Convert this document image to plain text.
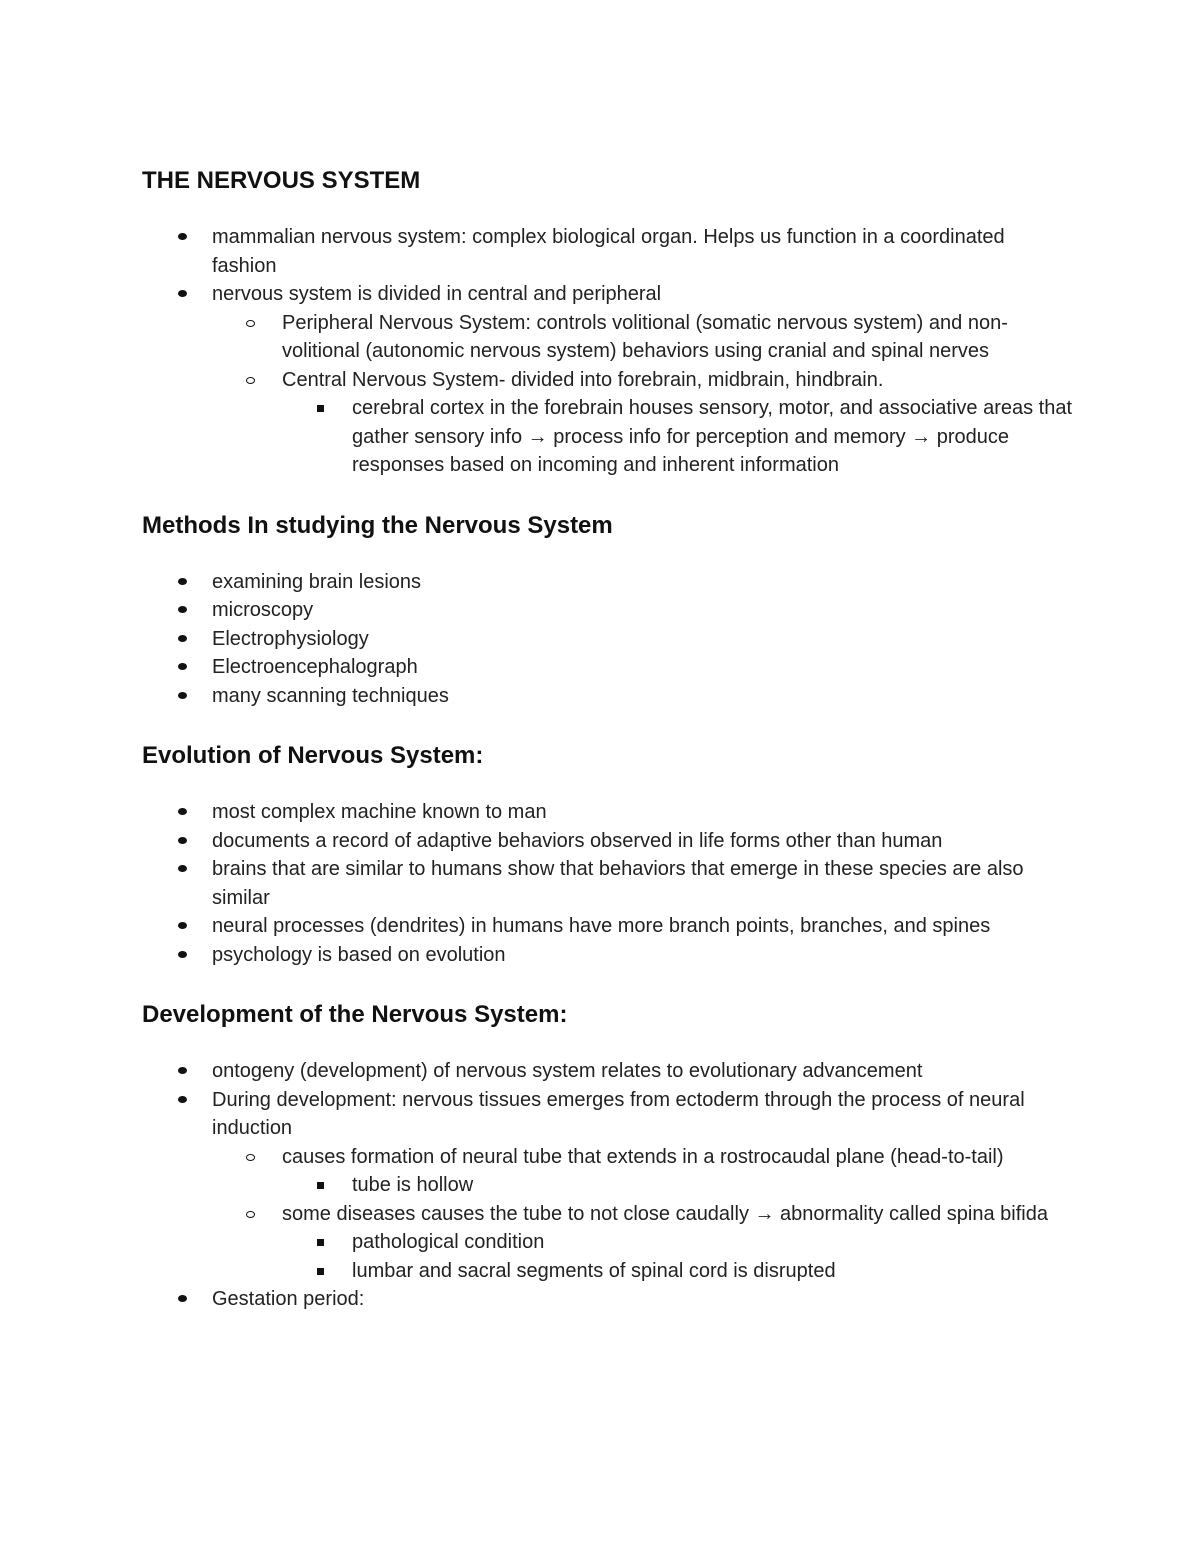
THE NERVOUS SYSTEM
mammalian nervous system: complex biological organ. Helps us function in a coordinated fashion
nervous system is divided in central and peripheral
Peripheral Nervous System: controls volitional (somatic nervous system) and non-volitional (autonomic nervous system) behaviors using cranial and spinal nerves
Central Nervous System- divided into forebrain, midbrain, hindbrain.
cerebral cortex in the forebrain houses sensory, motor, and associative areas that gather sensory info → process info for perception and memory → produce responses based on incoming and inherent information
Methods In studying the Nervous System
examining brain lesions
microscopy
Electrophysiology
Electroencephalograph
many scanning techniques
Evolution of Nervous System:
most complex machine known to man
documents a record of adaptive behaviors observed in life forms other than human
brains that are similar to humans show that behaviors that emerge in these species are also similar
neural processes (dendrites) in humans have more branch points, branches, and spines
psychology is based on evolution
Development of the Nervous System:
ontogeny (development) of nervous system relates to evolutionary advancement
During development: nervous tissues emerges from ectoderm through the process of neural induction
causes formation of neural tube that extends in a rostrocaudal plane (head-to-tail)
tube is hollow
some diseases causes the tube to not close caudally → abnormality called spina bifida
pathological condition
lumbar and sacral segments of spinal cord is disrupted
Gestation period:
